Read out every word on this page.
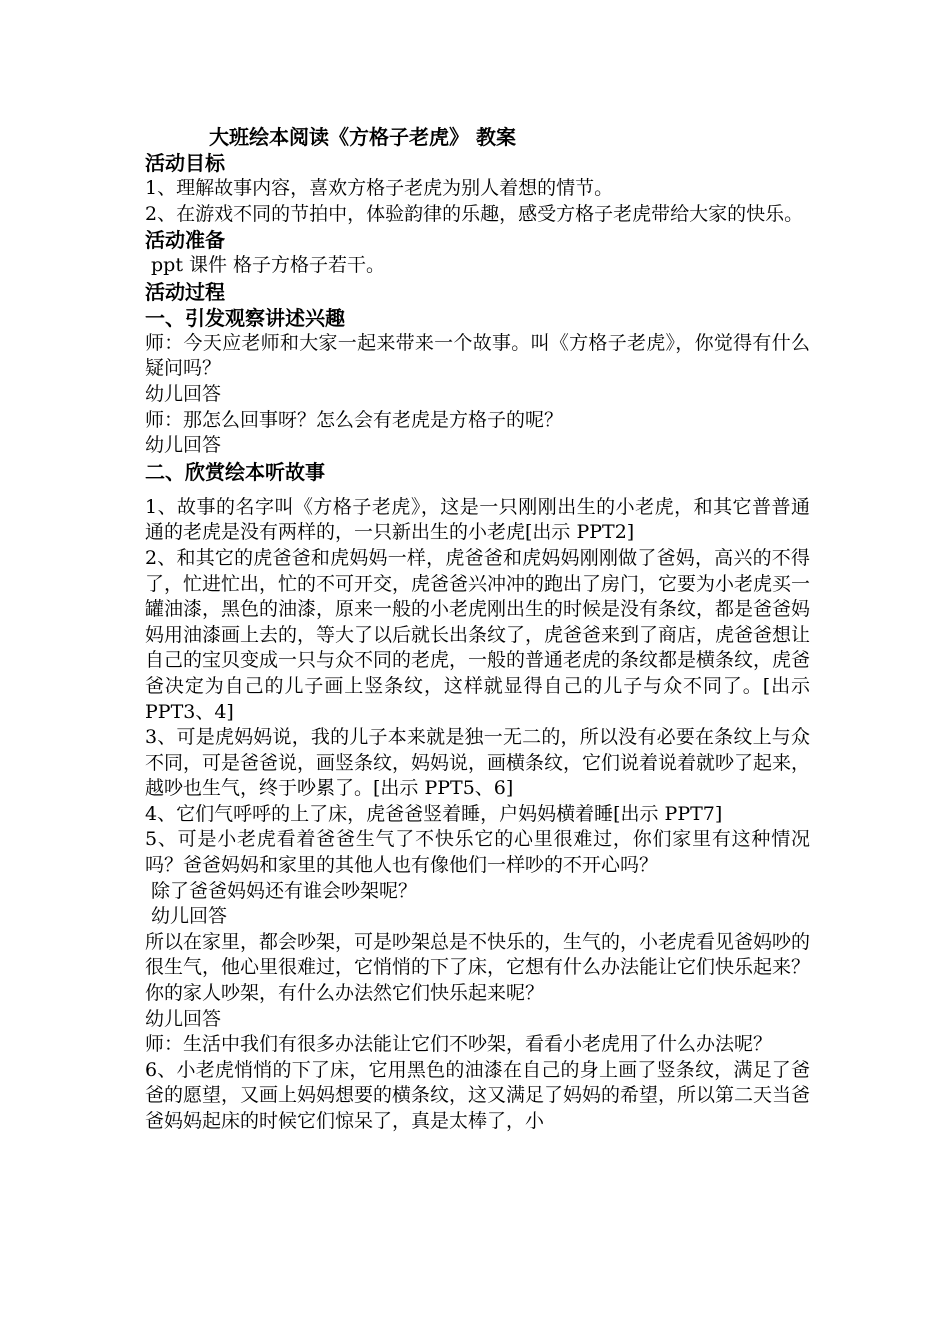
大班绘本阅读《方格子老虎》 教案
活动目标
1、理解故事内容，喜欢方格子老虎为别人着想的情节。
2、在游戏不同的节拍中，体验韵律的乐趣，感受方格子老虎带给大家的快乐。
活动准备
ppt 课件 格子方格子若干。
活动过程
一、引发观察讲述兴趣
师：今天应老师和大家一起来带来一个故事。叫《方格子老虎》，你觉得有什么疑问吗？
幼儿回答
师：那怎么回事呀？怎么会有老虎是方格子的呢？
幼儿回答
二、欣赏绘本听故事
1、故事的名字叫《方格子老虎》，这是一只刚刚出生的小老虎，和其它普普通通的老虎是没有两样的，一只新出生的小老虎[出示 PPT2]
2、和其它的虎爸爸和虎妈妈一样，虎爸爸和虎妈妈刚刚做了爸妈，高兴的不得了，忙进忙出，忙的不可开交，虎爸爸兴冲冲的跑出了房门，它要为小老虎买一罐油漆，黑色的油漆，原来一般的小老虎刚出生的时候是没有条纹，都是爸爸妈妈用油漆画上去的，等大了以后就长出条纹了，虎爸爸来到了商店，虎爸爸想让自己的宝贝变成一只与众不同的老虎，一般的普通老虎的条纹都是横条纹，虎爸爸决定为自己的儿子画上竖条纹，这样就显得自己的儿子与众不同了。[出示 PPT3、4]
3、可是虎妈妈说，我的儿子本来就是独一无二的，所以没有必要在条纹上与众不同，可是爸爸说，画竖条纹，妈妈说，画横条纹，它们说着说着就吵了起来，越吵也生气，终于吵累了。[出示 PPT5、6]
4、它们气呼呼的上了床，虎爸爸竖着睡，户妈妈横着睡[出示 PPT7]
5、可是小老虎看着爸爸生气了不快乐它的心里很难过，你们家里有这种情况吗？爸爸妈妈和家里的其他人也有像他们一样吵的不开心吗？
除了爸爸妈妈还有谁会吵架呢？
幼儿回答
所以在家里，都会吵架，可是吵架总是不快乐的，生气的，小老虎看见爸妈吵的很生气，他心里很难过，它悄悄的下了床，它想有什么办法能让它们快乐起来？
你的家人吵架，有什么办法然它们快乐起来呢？
幼儿回答
师：生活中我们有很多办法能让它们不吵架，看看小老虎用了什么办法呢？
6、小老虎悄悄的下了床，它用黑色的油漆在自己的身上画了竖条纹，满足了爸爸的愿望，又画上妈妈想要的横条纹，这又满足了妈妈的希望，所以第二天当爸爸妈妈起床的时候它们惊呆了，真是太棒了，小
